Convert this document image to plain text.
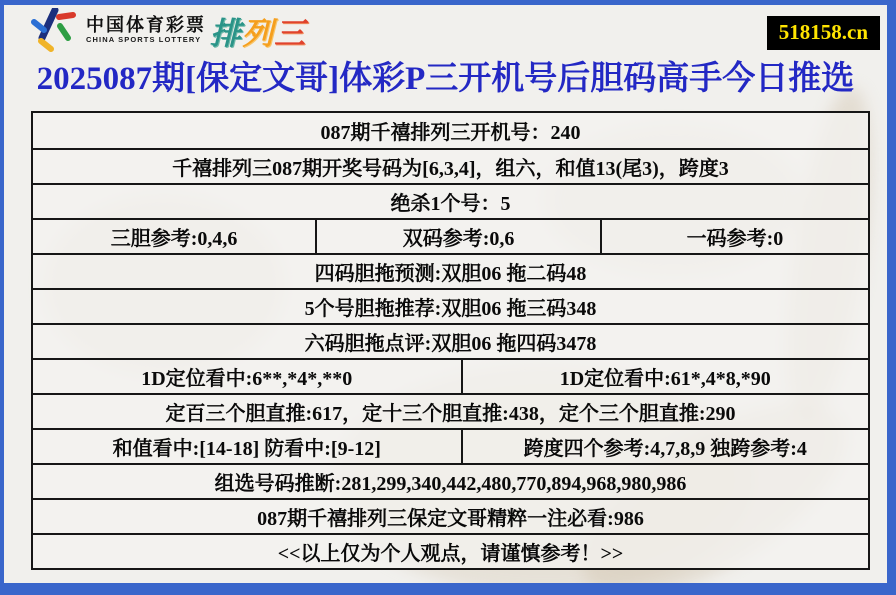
中国体育彩票
CHINA SPORTS LOTTERY 排列三	518158.cn
2025087期[保定文哥]体彩P三开机号后胆码高手今日推选
087期千禧排列三开机号：240
千禧排列三087期开奖号码为[6,3,4]，组六，和值13(尾3)，跨度3
绝杀1个号：5
三胆参考:0,4,6	双码参考:0,6	一码参考:0
四码胆拖预测:双胆06 拖二码48
5个号胆拖推荐:双胆06 拖三码348
六码胆拖点评:双胆06 拖四码3478
1D定位看中:6**,*4*,**0	1D定位看中:61*,4*8,*90
定百三个胆直推:617，定十三个胆直推:438，定个三个胆直推:290
和值看中:[14-18] 防看中:[9-12]	跨度四个参考:4,7,8,9 独跨参考:4
组选号码推断:281,299,340,442,480,770,894,968,980,986
087期千禧排列三保定文哥精粹一注必看:986
<<以上仅为个人观点，请谨慎参考！>>
